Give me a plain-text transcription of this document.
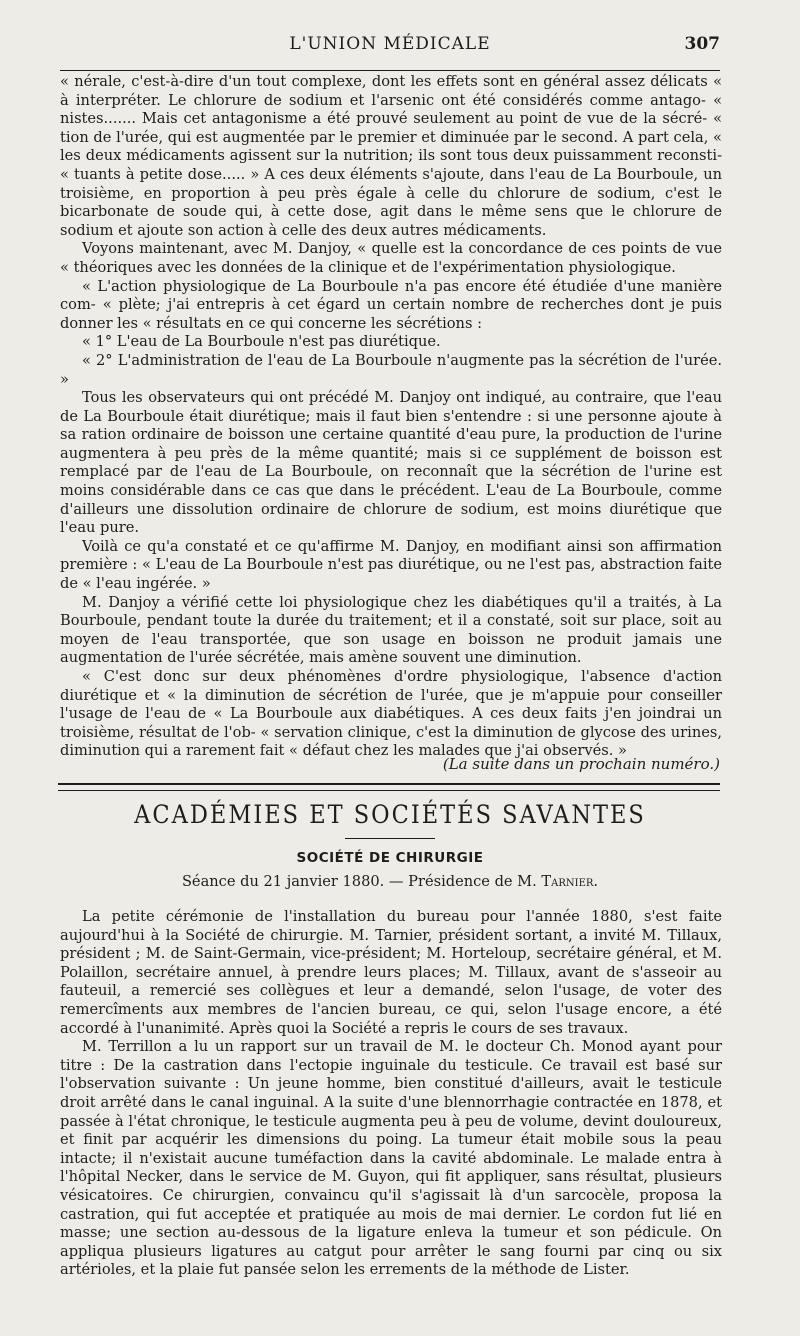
L'UNION MÉDICALE	307

« nérale, c'est-à-dire d'un tout complexe, dont les effets sont en général assez délicats « à interpréter. Le chlorure de sodium et l'arsenic ont été considérés comme antago- « nistes....... Mais cet antagonisme a été prouvé seulement au point de vue de la sécré- « tion de l'urée, qui est augmentée par le premier et diminuée par le second. A part cela, « les deux médicaments agissent sur la nutrition; ils sont tous deux puissamment reconsti- « tuants à petite dose..... » A ces deux éléments s'ajoute, dans l'eau de La Bourboule, un troisième, en proportion à peu près égale à celle du chlorure de sodium, c'est le bicarbonate de soude qui, à cette dose, agit dans le même sens que le chlorure de sodium et ajoute son action à celle des deux autres médicaments.

Voyons maintenant, avec M. Danjoy, « quelle est la concordance de ces points de vue « théoriques avec les données de la clinique et de l'expérimentation physiologique.

« L'action physiologique de La Bourboule n'a pas encore été étudiée d'une manière com- « plète; j'ai entrepris à cet égard un certain nombre de recherches dont je puis donner les « résultats en ce qui concerne les sécrétions :

« 1° L'eau de La Bourboule n'est pas diurétique.

« 2° L'administration de l'eau de La Bourboule n'augmente pas la sécrétion de l'urée. »

Tous les observateurs qui ont précédé M. Danjoy ont indiqué, au contraire, que l'eau de La Bourboule était diurétique; mais il faut bien s'entendre : si une personne ajoute à sa ration ordinaire de boisson une certaine quantité d'eau pure, la production de l'urine augmentera à peu près de la même quantité; mais si ce supplément de boisson est remplacé par de l'eau de La Bourboule, on reconnaît que la sécrétion de l'urine est moins considérable dans ce cas que dans le précédent. L'eau de La Bourboule, comme d'ailleurs une dissolution ordinaire de chlorure de sodium, est moins diurétique que l'eau pure.

Voilà ce qu'a constaté et ce qu'affirme M. Danjoy, en modifiant ainsi son affirmation première : « L'eau de La Bourboule n'est pas diurétique, ou ne l'est pas, abstraction faite de « l'eau ingérée. »

M. Danjoy a vérifié cette loi physiologique chez les diabétiques qu'il a traités, à La Bourboule, pendant toute la durée du traitement; et il a constaté, soit sur place, soit au moyen de l'eau transportée, que son usage en boisson ne produit jamais une augmentation de l'urée sécrétée, mais amène souvent une diminution.

« C'est donc sur deux phénomènes d'ordre physiologique, l'absence d'action diurétique et « la diminution de sécrétion de l'urée, que je m'appuie pour conseiller l'usage de l'eau de « La Bourboule aux diabétiques. A ces deux faits j'en joindrai un troisième, résultat de l'ob- « servation clinique, c'est la diminution de glycose des urines, diminution qui a rarement fait « défaut chez les malades que j'ai observés. »

(La suite dans un prochain numéro.)
ACADÉMIES ET SOCIÉTÉS SAVANTES
SOCIÉTÉ DE CHIRURGIE
Séance du 21 janvier 1880. — Présidence de M. Tarnier.

La petite cérémonie de l'installation du bureau pour l'année 1880, s'est faite aujourd'hui à la Société de chirurgie. M. Tarnier, président sortant, a invité M. Tillaux, président ; M. de Saint-Germain, vice-président; M. Horteloup, secrétaire général, et M. Polaillon, secrétaire annuel, à prendre leurs places; M. Tillaux, avant de s'asseoir au fauteuil, a remercié ses collègues et leur a demandé, selon l'usage, de voter des remercîments aux membres de l'ancien bureau, ce qui, selon l'usage encore, a été accordé à l'unanimité. Après quoi la Société a repris le cours de ses travaux.

M. Terrillon a lu un rapport sur un travail de M. le docteur Ch. Monod ayant pour titre : De la castration dans l'ectopie inguinale du testicule. Ce travail est basé sur l'observation suivante : Un jeune homme, bien constitué d'ailleurs, avait le testicule droit arrêté dans le canal inguinal. A la suite d'une blennorrhagie contractée en 1878, et passée à l'état chronique, le testicule augmenta peu à peu de volume, devint douloureux, et finit par acquérir les dimensions du poing. La tumeur était mobile sous la peau intacte; il n'existait aucune tuméfaction dans la cavité abdominale. Le malade entra à l'hôpital Necker, dans le service de M. Guyon, qui fit appliquer, sans résultat, plusieurs vésicatoires. Ce chirurgien, convaincu qu'il s'agissait là d'un sarcocèle, proposa la castration, qui fut acceptée et pratiquée au mois de mai dernier. Le cordon fut lié en masse; une section au-dessous de la ligature enleva la tumeur et son pédicule. On appliqua plusieurs ligatures au catgut pour arrêter le sang fourni par cinq ou six artérioles, et la plaie fut pansée selon les errements de la méthode de Lister.
